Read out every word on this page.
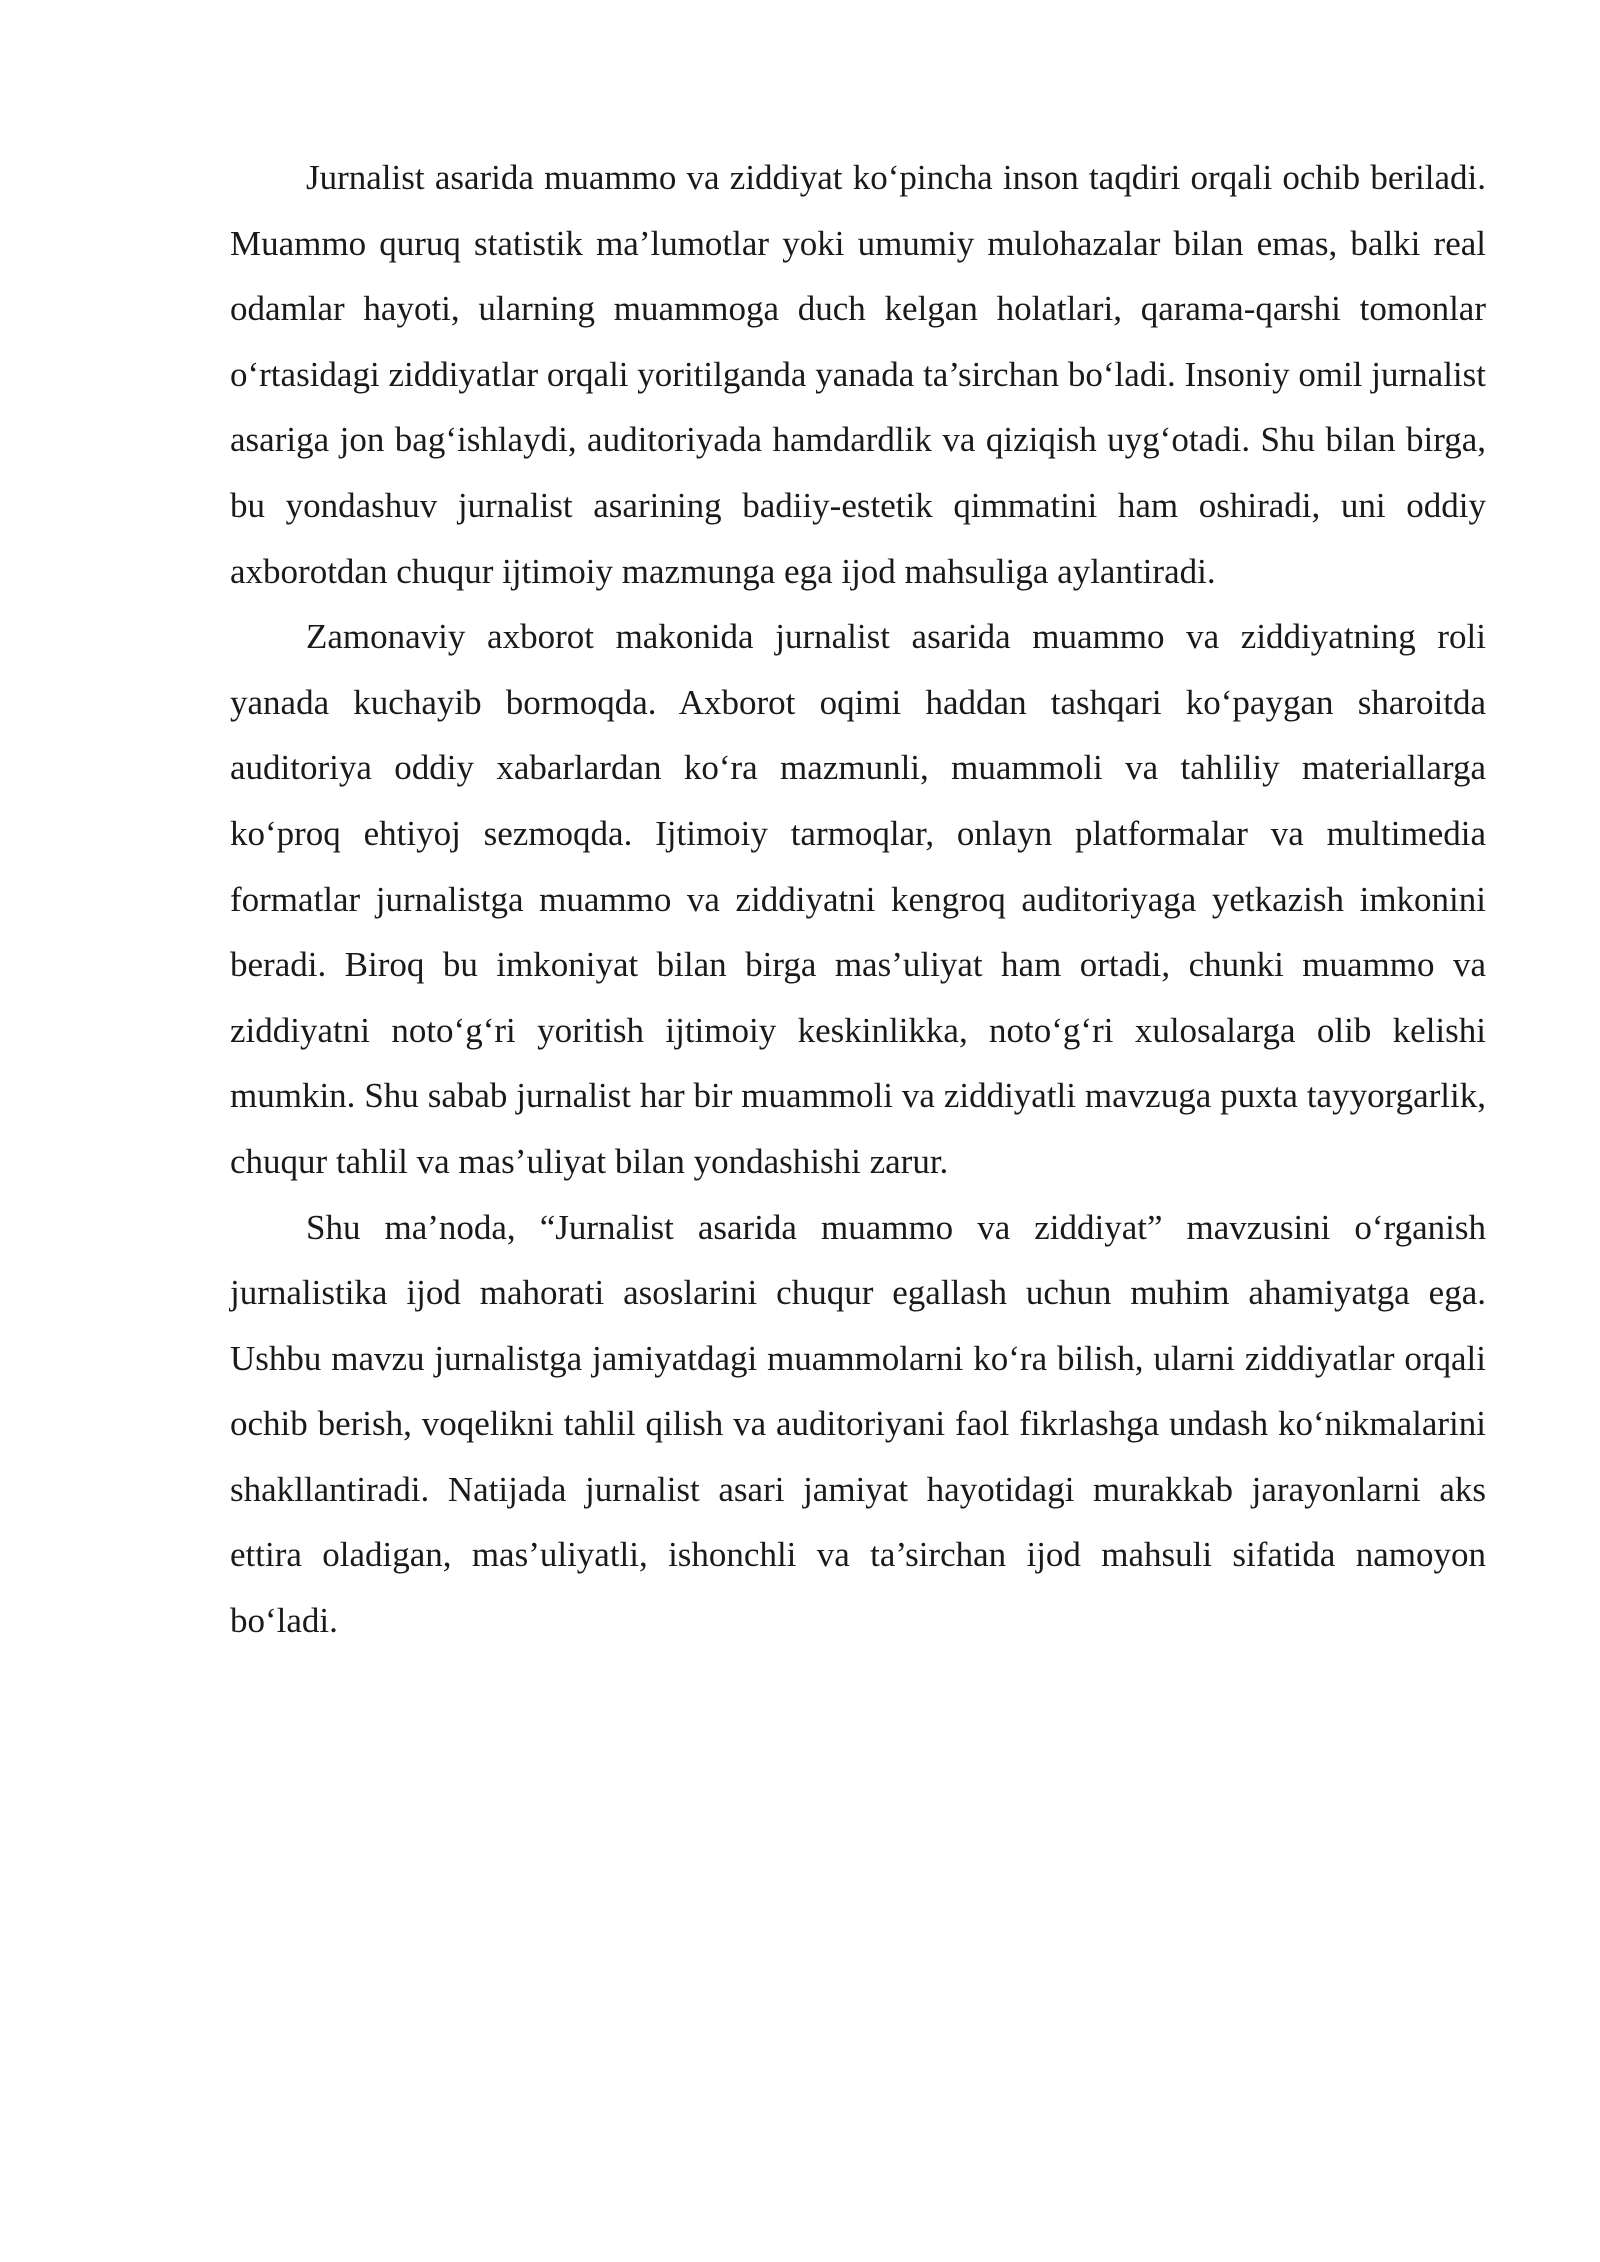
Jurnalist asarida muammo va ziddiyat ko‘pincha inson taqdiri orqali ochib beriladi. Muammo quruq statistik ma’lumotlar yoki umumiy mulohazalar bilan emas, balki real odamlar hayoti, ularning muammoga duch kelgan holatlari, qarama-qarshi tomonlar o‘rtasidagi ziddiyatlar orqali yoritilganda yanada ta’sirchan bo‘ladi. Insoniy omil jurnalist asariga jon bag‘ishlaydi, auditoriyada hamdardlik va qiziqish uyg‘otadi. Shu bilan birga, bu yondashuv jurnalist asarining badiiy-estetik qimmatini ham oshiradi, uni oddiy axborotdan chuqur ijtimoiy mazmunga ega ijod mahsuliga aylantiradi.

Zamonaviy axborot makonida jurnalist asarida muammo va ziddiyatning roli yanada kuchayib bormoqda. Axborot oqimi haddan tashqari ko‘paygan sharoitda auditoriya oddiy xabarlardan ko‘ra mazmunli, muammoli va tahliliy materiallarga ko‘proq ehtiyoj sezmoqda. Ijtimoiy tarmoqlar, onlayn platformalar va multimedia formatlar jurnalistga muammo va ziddiyatni kengroq auditoriyaga yetkazish imkonini beradi. Biroq bu imkoniyat bilan birga mas’uliyat ham ortadi, chunki muammo va ziddiyatni noto‘g‘ri yoritish ijtimoiy keskinlikka, noto‘g‘ri xulosalarga olib kelishi mumkin. Shu sabab jurnalist har bir muammoli va ziddiyatli mavzuga puxta tayyorgarlik, chuqur tahlil va mas’uliyat bilan yondashishi zarur.

Shu ma’noda, “Jurnalist asarida muammo va ziddiyat” mavzusini o‘rganish jurnalistika ijod mahorati asoslarini chuqur egallash uchun muhim ahamiyatga ega. Ushbu mavzu jurnalistga jamiyatdagi muammolarni ko‘ra bilish, ularni ziddiyatlar orqali ochib berish, voqelikni tahlil qilish va auditoriyani faol fikrlashga undash ko‘nikmalarini shakllantiradi. Natijada jurnalist asari jamiyat hayotidagi murakkab jarayonlarni aks ettira oladigan, mas’uliyatli, ishonchli va ta’sirchan ijod mahsuli sifatida namoyon bo‘ladi.
